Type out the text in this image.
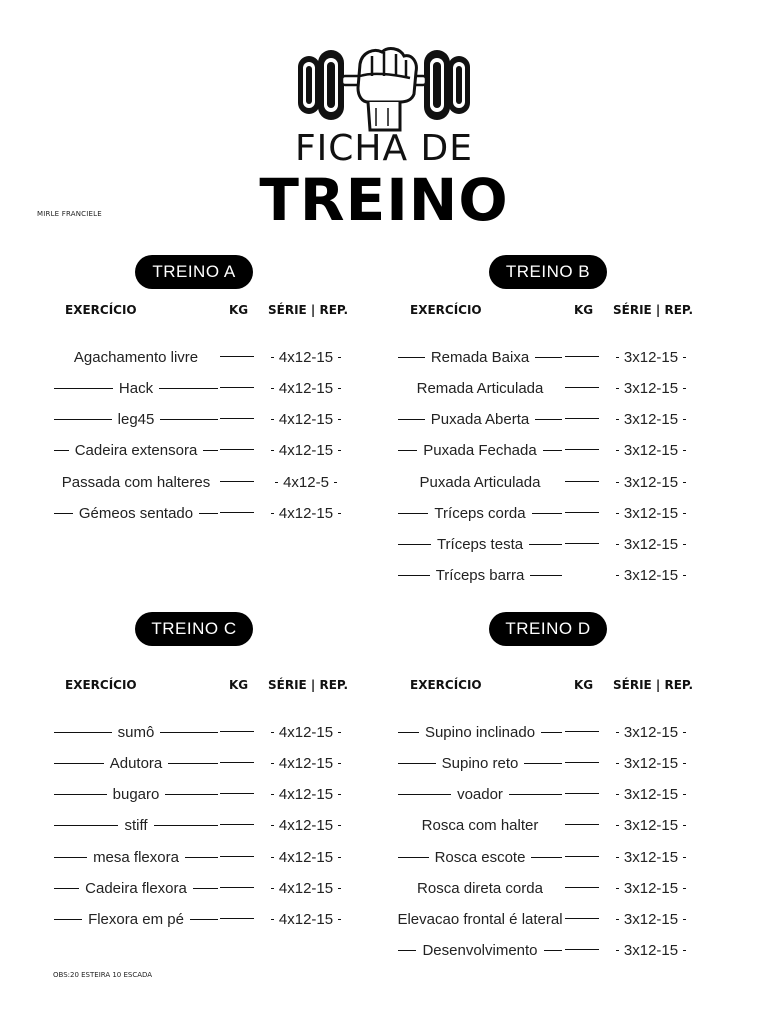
FICHA DE
TREINO
MIRLE FRANCIELE
TREINO A
EXERCÍCIO	KG SÉRIE | REP.
Agachamento livre	4x12-15
Hack	4x12-15
leg45	4x12-15
Cadeira extensora	4x12-15
Passada com halteres	4x12-5
Gémeos sentado	4x12-15
TREINO B
EXERCÍCIO	KG SÉRIE | REP.
Remada Baixa	3x12-15
Remada Articulada	3x12-15
Puxada Aberta	3x12-15
Puxada Fechada	3x12-15
Puxada Articulada	3x12-15
Tríceps corda	3x12-15
Tríceps testa	3x12-15
Tríceps barra	3x12-15
TREINO C
EXERCÍCIO	KG SÉRIE | REP.
sumô	4x12-15
Adutora	4x12-15
bugaro	4x12-15
stiff	4x12-15
mesa flexora	4x12-15
Cadeira flexora	4x12-15
Flexora em pé	4x12-15
TREINO D
EXERCÍCIO	KG SÉRIE | REP.
Supino inclinado	3x12-15
Supino reto	3x12-15
voador	3x12-15
Rosca com halter	3x12-15
Rosca escote	3x12-15
Rosca direta corda	3x12-15
Elevacao frontal é lateral	3x12-15
Desenvolvimento	3x12-15
OBS:20 ESTEIRA 10 ESCADA
